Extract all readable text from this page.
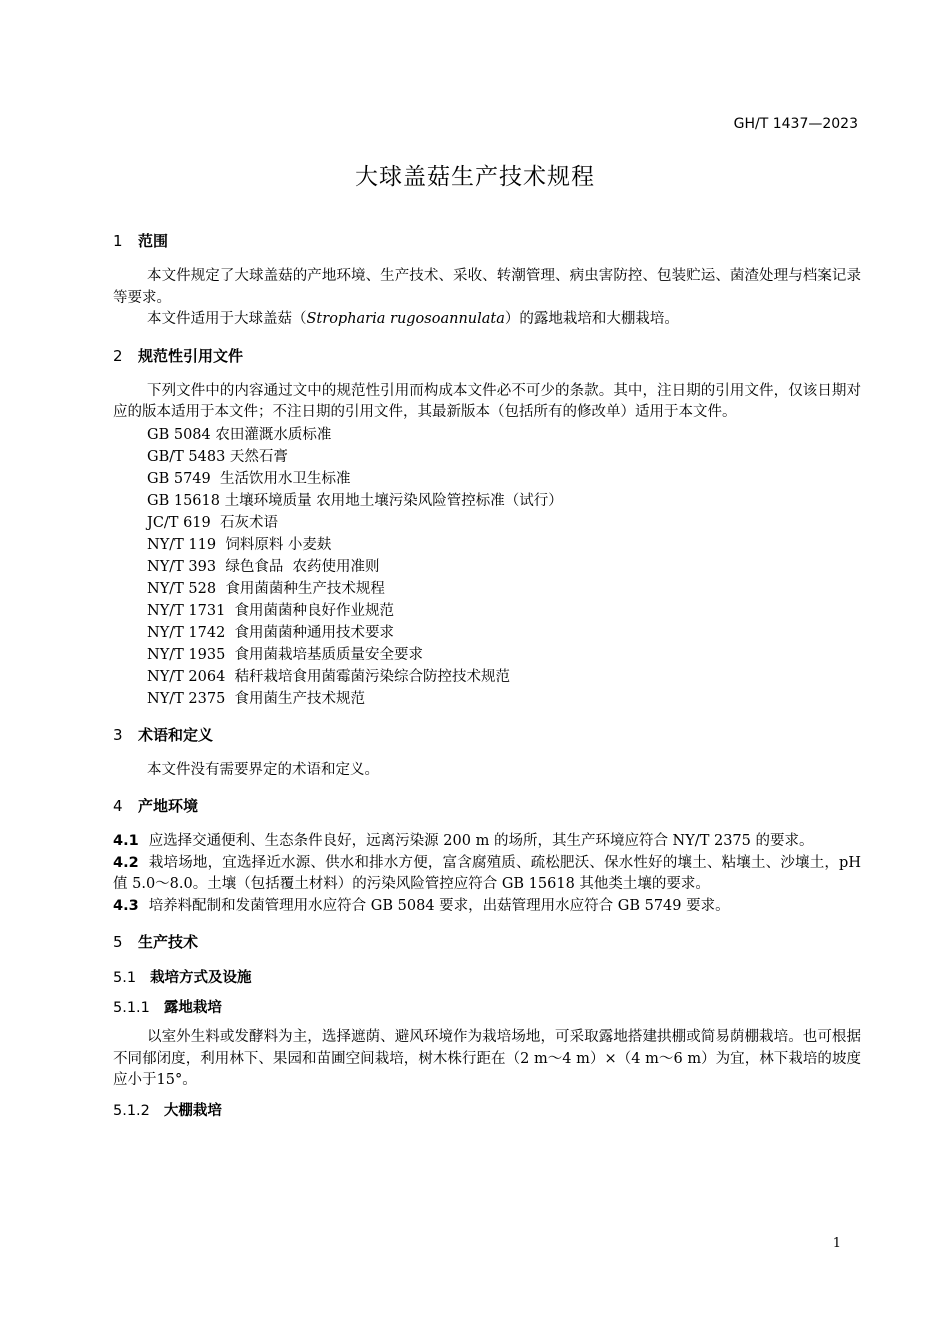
GH/T 1437—2023
大球盖菇生产技术规程
1 范围

本文件规定了大球盖菇的产地环境、生产技术、采收、转潮管理、病虫害防控、包装贮运、菌渣处理与档案记录等要求。

本文件适用于大球盖菇（Stropharia rugosoannulata）的露地栽培和大棚栽培。

2 规范性引用文件

下列文件中的内容通过文中的规范性引用而构成本文件必不可少的条款。其中，注日期的引用文件，仅该日期对应的版本适用于本文件；不注日期的引用文件，其最新版本（包括所有的修改单）适用于本文件。

GB 5084 农田灌溉水质标准
GB/T 5483 天然石膏
GB 5749  生活饮用水卫生标准
GB 15618 土壤环境质量 农用地土壤污染风险管控标准（试行）
JC/T 619  石灰术语
NY/T 119  饲料原料 小麦麸
NY/T 393  绿色食品  农药使用准则
NY/T 528  食用菌菌种生产技术规程
NY/T 1731  食用菌菌种良好作业规范
NY/T 1742  食用菌菌种通用技术要求
NY/T 1935  食用菌栽培基质质量安全要求
NY/T 2064  秸秆栽培食用菌霉菌污染综合防控技术规范
NY/T 2375  食用菌生产技术规范
3 术语和定义

本文件没有需要界定的术语和定义。

4 产地环境

4.1 应选择交通便利、生态条件良好，远离污染源 200 m 的场所，其生产环境应符合 NY/T 2375 的要求。

4.2 栽培场地，宜选择近水源、供水和排水方便，富含腐殖质、疏松肥沃、保水性好的壤土、粘壤土、沙壤土，pH 值 5.0～8.0。土壤（包括覆土材料）的污染风险管控应符合 GB 15618 其他类土壤的要求。

4.3 培养料配制和发菌管理用水应符合 GB 5084 要求，出菇管理用水应符合 GB 5749 要求。

5 生产技术
5.1 栽培方式及设施
5.1.1 露地栽培

以室外生料或发酵料为主，选择遮荫、避风环境作为栽培场地，可采取露地搭建拱棚或简易荫棚栽培。也可根据不同郁闭度，利用林下、果园和苗圃空间栽培，树木株行距在（2 m～4 m）×（4 m～6 m）为宜，林下栽培的坡度应小于15°。

5.1.2 大棚栽培
1
